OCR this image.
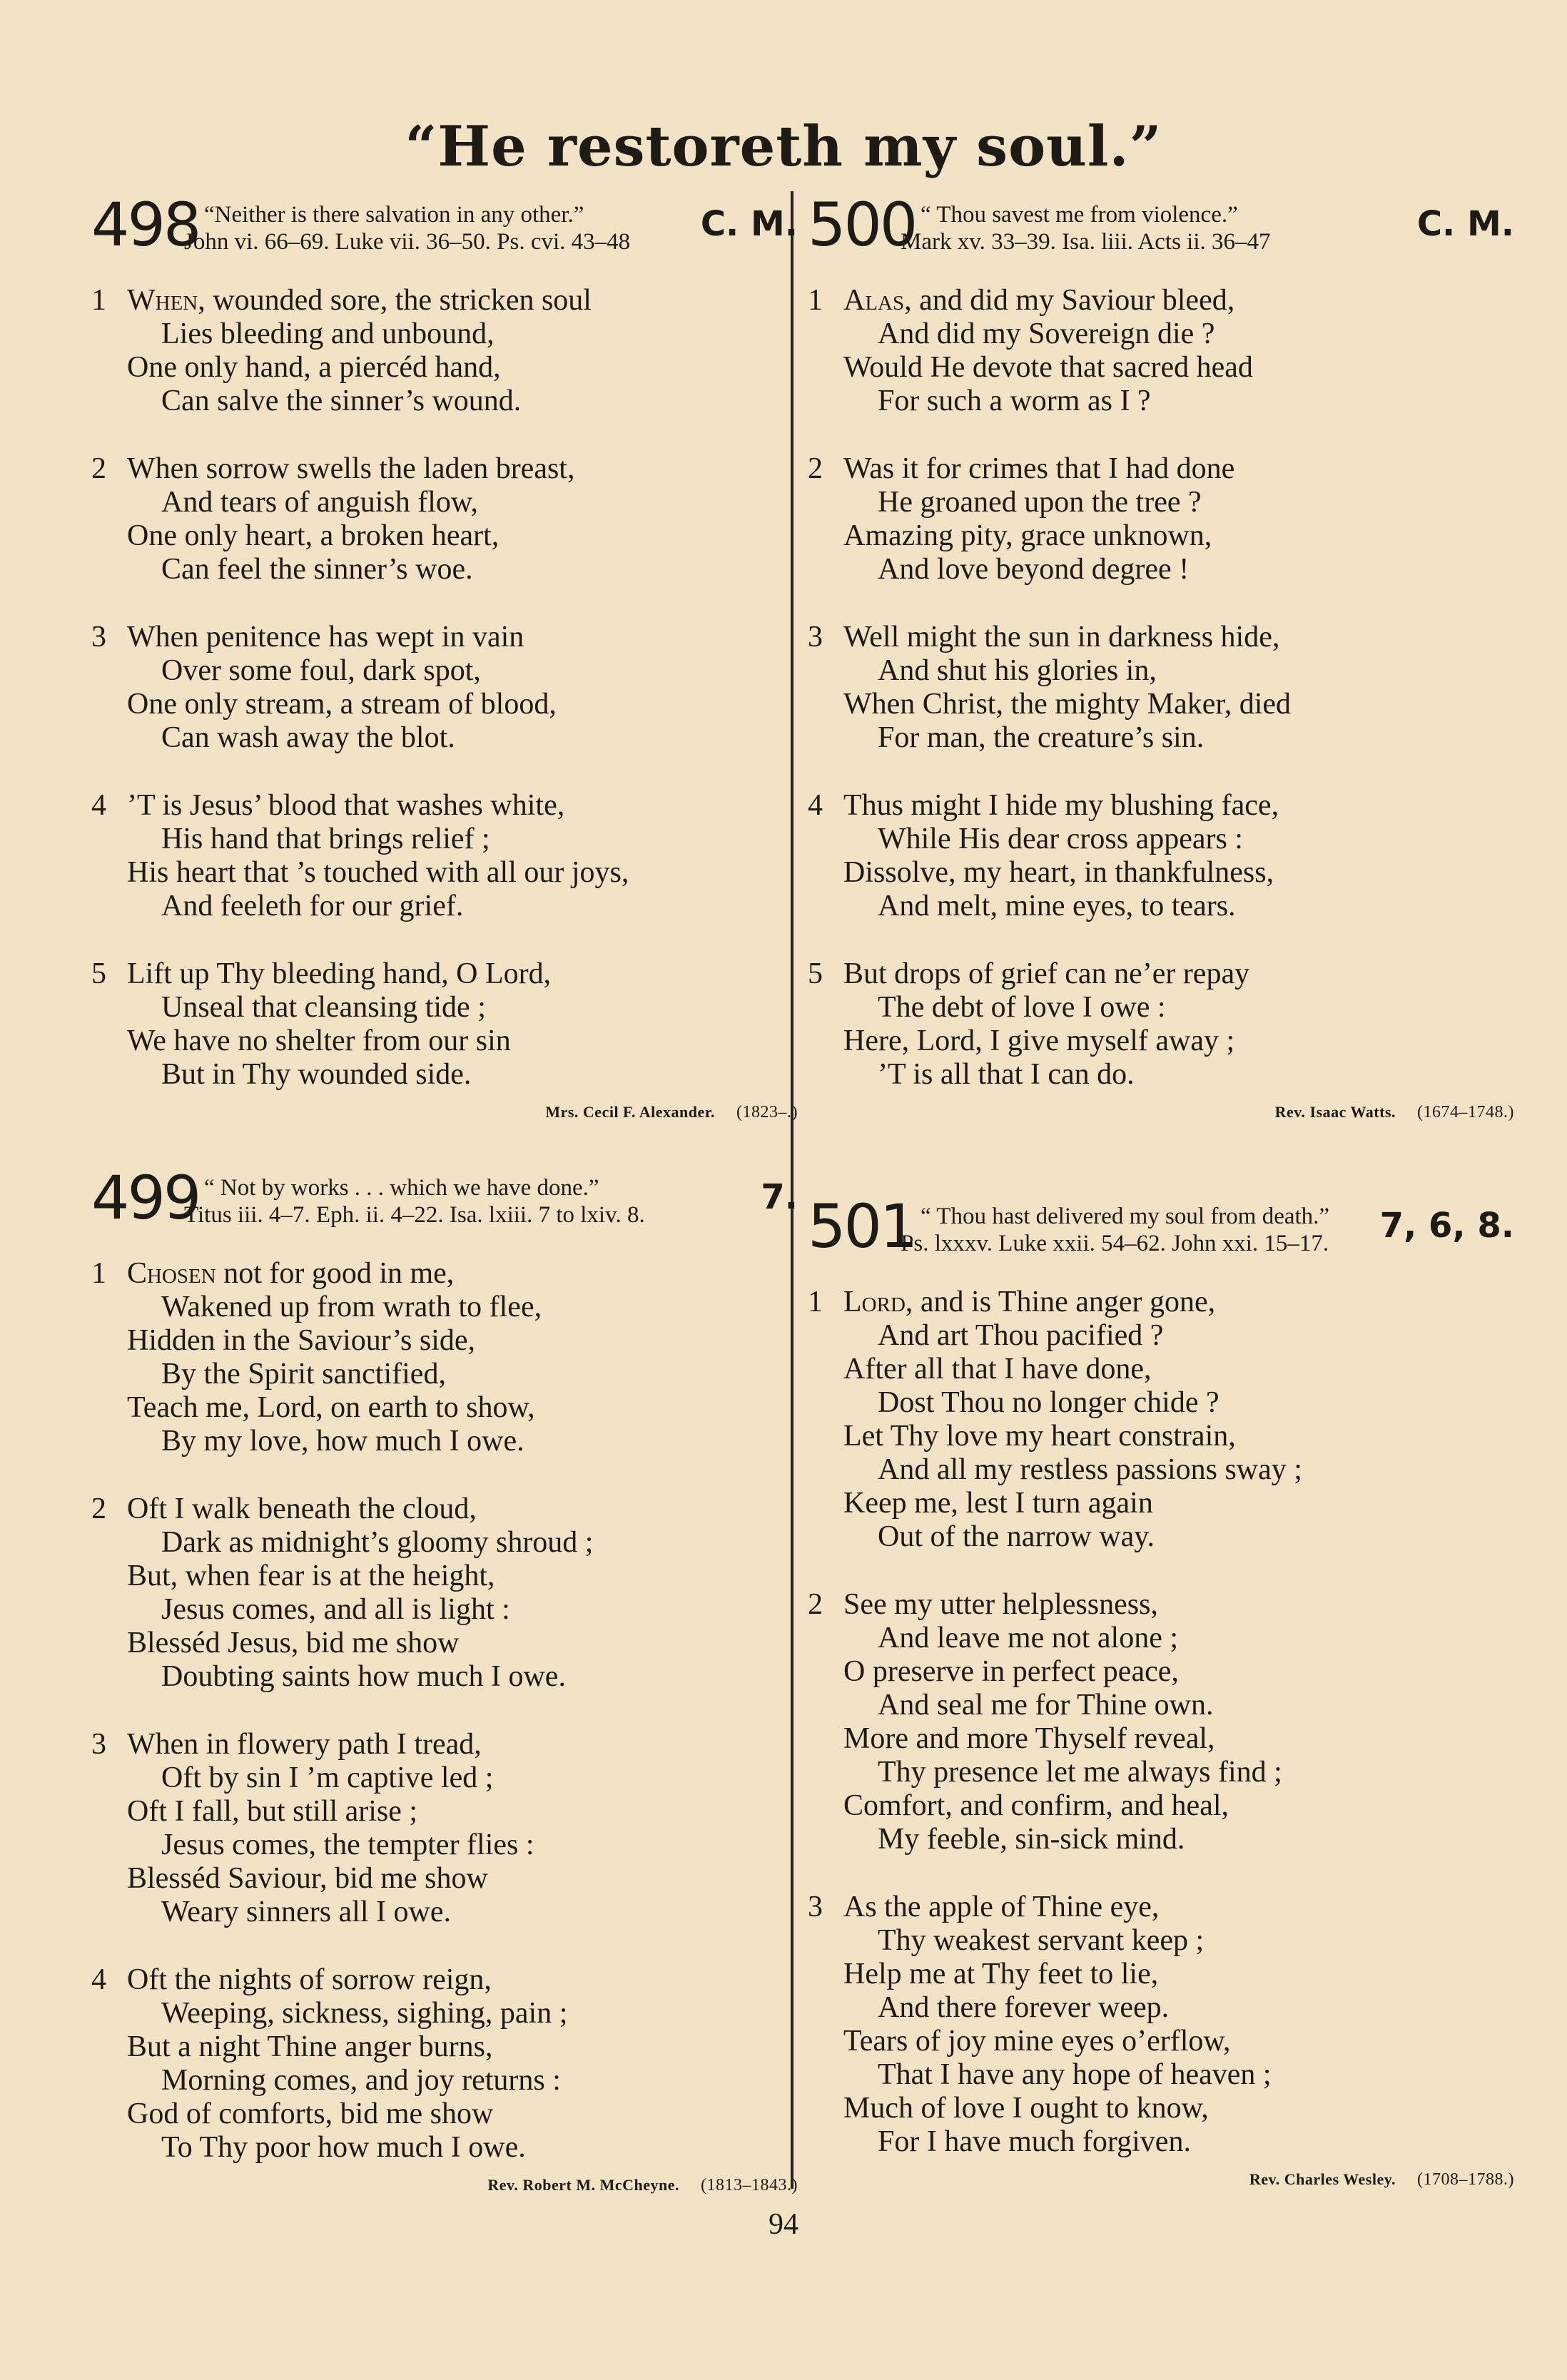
“He restoreth my soul.”
498 “Neither is there salvation in any other.”
John vi. 66–69. Luke vii. 36–50. Ps. cvi. 43–48	C. M.
1 When, wounded sore, the stricken soul
Lies bleeding and unbound,
One only hand, a piercéd hand,
Can salve the sinner’s wound.
2 When sorrow swells the laden breast,
And tears of anguish flow,
One only heart, a broken heart,
Can feel the sinner’s woe.
3 When penitence has wept in vain
Over some foul, dark spot,
One only stream, a stream of blood,
Can wash away the blot.
4 ’T is Jesus’ blood that washes white,
His hand that brings relief ;
His heart that ’s touched with all our joys,
And feeleth for our grief.
5 Lift up Thy bleeding hand, O Lord,
Unseal that cleansing tide ;
We have no shelter from our sin
But in Thy wounded side.
Mrs. Cecil F. Alexander. (1823–.)
499 “ Not by works . . . which we have done.”
Titus iii. 4–7. Eph. ii. 4–22. Isa. lxiii. 7 to lxiv. 8.	7.
1 Chosen not for good in me,
Wakened up from wrath to flee,
Hidden in the Saviour’s side,
By the Spirit sanctified,
Teach me, Lord, on earth to show,
By my love, how much I owe.
2 Oft I walk beneath the cloud,
Dark as midnight’s gloomy shroud ;
But, when fear is at the height,
Jesus comes, and all is light :
Blesséd Jesus, bid me show
Doubting saints how much I owe.
3 When in flowery path I tread,
Oft by sin I ’m captive led ;
Oft I fall, but still arise ;
Jesus comes, the tempter flies :
Blesséd Saviour, bid me show
Weary sinners all I owe.
4 Oft the nights of sorrow reign,
Weeping, sickness, sighing, pain ;
But a night Thine anger burns,
Morning comes, and joy returns :
God of comforts, bid me show
To Thy poor how much I owe.
Rev. Robert M. McCheyne. (1813–1843.)
500 “ Thou savest me from violence.”
Mark xv. 33–39. Isa. liii. Acts ii. 36–47	C. M.
1 Alas, and did my Saviour bleed,
And did my Sovereign die ?
Would He devote that sacred head
For such a worm as I ?
2 Was it for crimes that I had done
He groaned upon the tree ?
Amazing pity, grace unknown,
And love beyond degree !
3 Well might the sun in darkness hide,
And shut his glories in,
When Christ, the mighty Maker, died
For man, the creature’s sin.
4 Thus might I hide my blushing face,
While His dear cross appears :
Dissolve, my heart, in thankfulness,
And melt, mine eyes, to tears.
5 But drops of grief can ne’er repay
The debt of love I owe :
Here, Lord, I give myself away ;
’T is all that I can do.
Rev. Isaac Watts. (1674–1748.)
501 “ Thou hast delivered my soul from death.”
Ps. lxxxv. Luke xxii. 54–62. John xxi. 15–17.	7, 6, 8.
1 Lord, and is Thine anger gone,
And art Thou pacified ?
After all that I have done,
Dost Thou no longer chide ?
Let Thy love my heart constrain,
And all my restless passions sway ;
Keep me, lest I turn again
Out of the narrow way.
2 See my utter helplessness,
And leave me not alone ;
O preserve in perfect peace,
And seal me for Thine own.
More and more Thyself reveal,
Thy presence let me always find ;
Comfort, and confirm, and heal,
My feeble, sin-sick mind.
3 As the apple of Thine eye,
Thy weakest servant keep ;
Help me at Thy feet to lie,
And there forever weep.
Tears of joy mine eyes o’erflow,
That I have any hope of heaven ;
Much of love I ought to know,
For I have much forgiven.
Rev. Charles Wesley. (1708–1788.)
94
